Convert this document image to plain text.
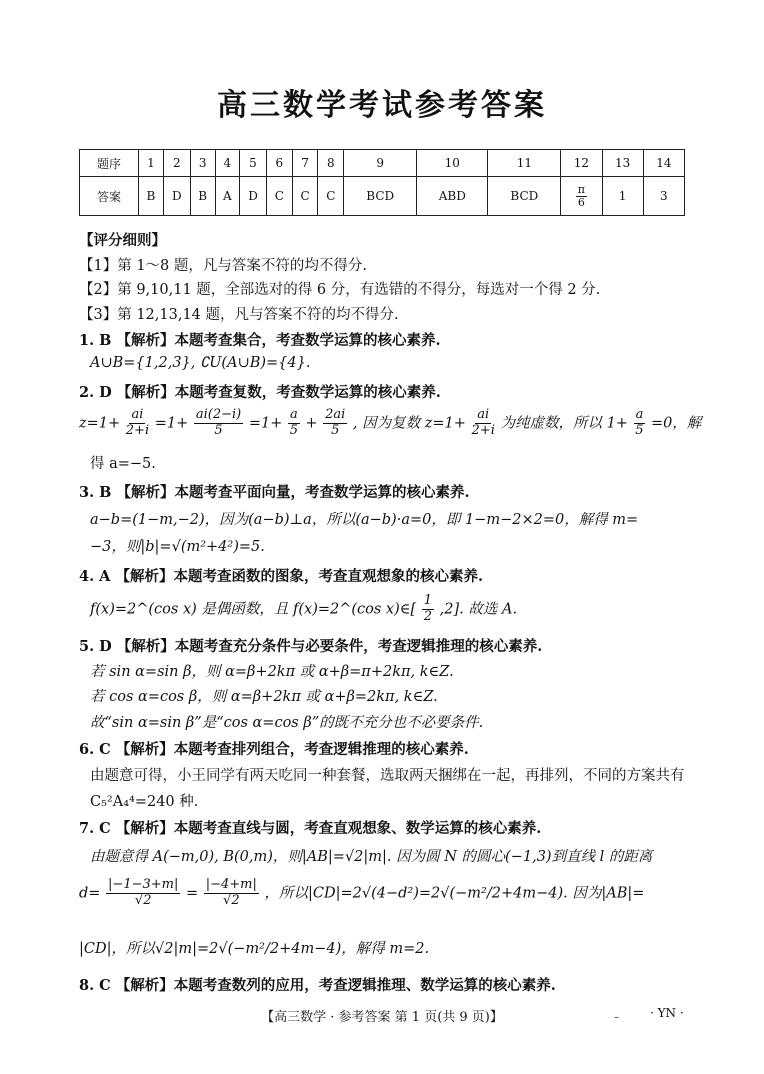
高三数学考试参考答案
题序	1	2	3	4	5	6	7	8	9	10	11	12	13	14
答案	B	D	B	A	D	C	C	C	BCD	ABD	BCD	$\frac{\pi}{6}$	1	3
【评分细则】
【1】第 1～8 题，凡与答案不符的均不得分.
【2】第 9,10,11 题，全部选对的得 6 分，有选错的不得分，每选对一个得 2 分.
【3】第 12,13,14 题，凡与答案不符的均不得分.
1. B 【解析】本题考查集合，考查数学运算的核心素养.
A∪B={1,2,3}, ∁U(A∪B)={4}.
2. D 【解析】本题考查复数，考查数学运算的核心素养.
$z=1+ \frac{ai}{2+i} =1+ \frac{ai(2-i)}{5} =1+ \frac{a}{5} + \frac{2ai}{5}$ , 因为复数 $z=1+ \frac{ai}{2+i}$ 为纯虚数，所以 $1+ \frac{a}{5} =0$，解
得 a=−5.
3. B 【解析】本题考查平面向量，考查数学运算的核心素养.
a−b=(1−m,−2)，因为(a−b)⊥a，所以(a−b)·a=0，即 1−m−2×2=0，解得 m=
−3，则|b|=√(m²+4²)=5.
4. A 【解析】本题考查函数的图象，考查直观想象的核心素养.
f(x)=2^(cos x) 是偶函数，且 f(x)=2^(cos x)∈[ $\frac{1}{2} ,2$]. 故选 A.
5. D 【解析】本题考查充分条件与必要条件，考查逻辑推理的核心素养.
若 sin α=sin β，则 α=β+2kπ 或 α+β=π+2kπ, k∈Z.
若 cos α=cos β，则 α=β+2kπ 或 α+β=2kπ, k∈Z.
故“sin α=sin β”是“cos α=cos β”的既不充分也不必要条件.
6. C 【解析】本题考查排列组合，考查逻辑推理的核心素养.
由题意可得，小王同学有两天吃同一种套餐，选取两天捆绑在一起，再排列，不同的方案共有
C₅²A₄⁴=240 种.
7. C 【解析】本题考查直线与圆，考查直观想象、数学运算的核心素养.
由题意得 A(−m,0), B(0,m)，则|AB|=√2|m|. 因为圆 N 的圆心(−1,3)到直线 l 的距离
$d= \frac{|-1-3+m|}{√2} = \frac{|-4+m|}{√2}$ ，所以|CD|=2√(4−d²)=2√(−m²/2+4m−4). 因为|AB|=
|CD|，所以√2|m|=2√(−m²/2+4m−4)，解得 m=2.
8. C 【解析】本题考查数列的应用，考查逻辑推理、数学运算的核心素养.
【高三数学 · 参考答案 第 1 页(共 9 页)】	–	· YN ·
